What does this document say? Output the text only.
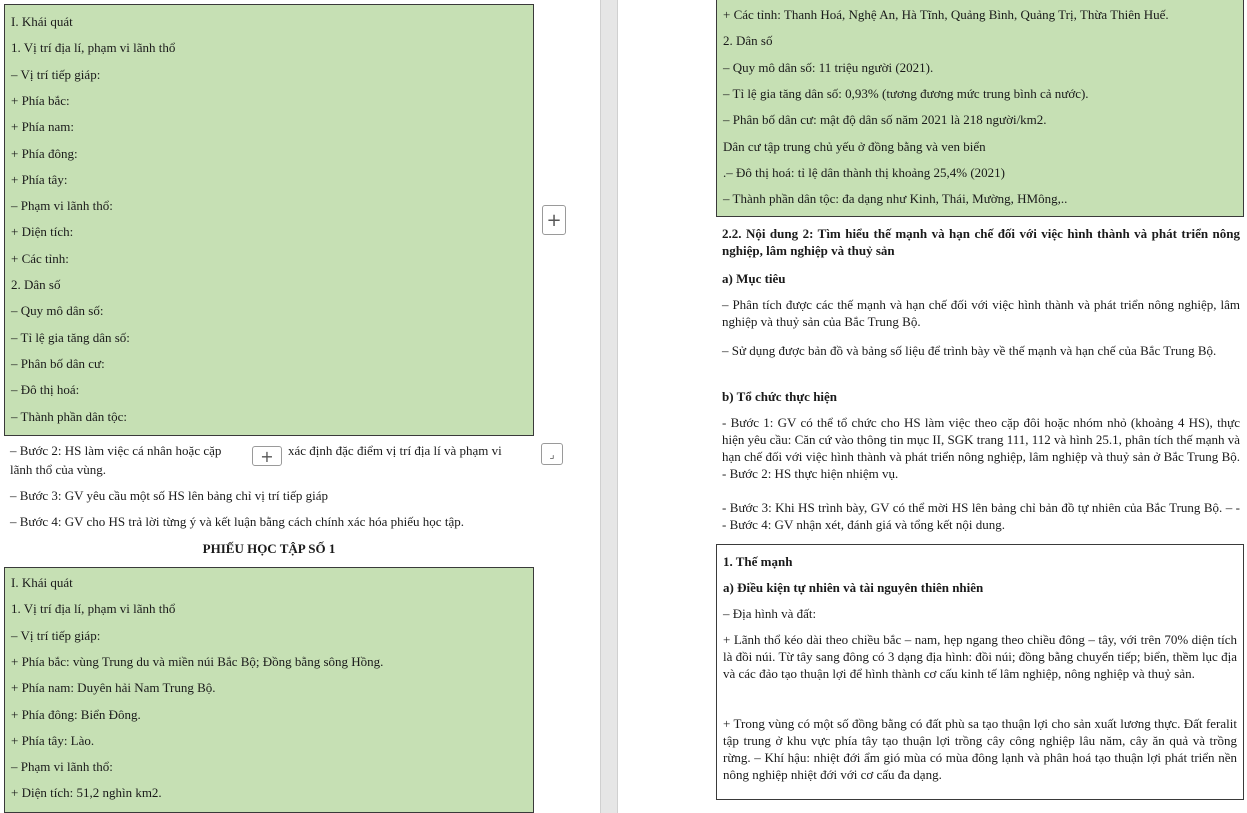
I. Khái quát
1. Vị trí địa lí, phạm vi lãnh thổ
– Vị trí tiếp giáp:
+ Phía bắc:
+ Phía nam:
+ Phía đông:
+ Phía tây:
– Phạm vi lãnh thổ:
+ Diện tích:
+ Các tỉnh:
2. Dân số
– Quy mô dân số:
– Tỉ lệ gia tăng dân số:
– Phân bố dân cư:
– Đô thị hoá:
– Thành phần dân tộc:
– Bước 2: HS làm việc cá nhân hoặc cặp	xác định đặc điểm vị trí địa lí và phạm vi
lãnh thổ của vùng.
– Bước 3: GV yêu cầu một số HS lên bảng chỉ vị trí tiếp giáp
– Bước 4: GV cho HS trả lời từng ý và kết luận bằng cách chính xác hóa phiếu học tập.
PHIẾU HỌC TẬP SỐ 1
I. Khái quát
1. Vị trí địa lí, phạm vi lãnh thổ
– Vị trí tiếp giáp:
+ Phía bắc: vùng Trung du và miền núi Bắc Bộ; Đồng bằng sông Hồng.
+ Phía nam: Duyên hải Nam Trung Bộ.
+ Phía đông: Biển Đông.
+ Phía tây: Lào.
– Phạm vi lãnh thổ:
+ Diện tích: 51,2 nghìn km2.
+
+	⌟
+ Các tỉnh: Thanh Hoá, Nghệ An, Hà Tĩnh, Quảng Bình, Quảng Trị, Thừa Thiên Huế.
2. Dân số
– Quy mô dân số: 11 triệu người (2021).
– Tỉ lệ gia tăng dân số: 0,93% (tương đương mức trung bình cả nước).
– Phân bố dân cư: mật độ dân số năm 2021 là 218 người/km2.
Dân cư tập trung chủ yếu ở đồng bằng và ven biển
.– Đô thị hoá: tỉ lệ dân thành thị khoảng 25,4% (2021)
– Thành phần dân tộc: đa dạng như Kinh, Thái, Mường, HMông,..
2.2. Nội dung 2: Tìm hiểu thế mạnh và hạn chế đối với việc hình thành và phát triển nông nghiệp, lâm nghiệp và thuỷ sản
a) Mục tiêu
– Phân tích được các thế mạnh và hạn chế đối với việc hình thành và phát triển nông nghiệp, lâm nghiệp và thuỷ sản của Bắc Trung Bộ.
– Sử dụng được bản đồ và bảng số liệu để trình bày về thế mạnh và hạn chế của Bắc Trung Bộ.
b) Tổ chức thực hiện
- Bước 1: GV có thể tổ chức cho HS làm việc theo cặp đôi hoặc nhóm nhỏ (khoảng 4 HS), thực hiện yêu cầu: Căn cứ vào thông tin mục II, SGK trang 111, 112 và hình 25.1, phân tích thế mạnh và hạn chế đối với việc hình thành và phát triển nông nghiệp, lâm nghiệp và thuỷ sản ở Bắc Trung Bộ. - Bước 2: HS thực hiện nhiệm vụ.
- Bước 3: Khi HS trình bày, GV có thể mời HS lên bảng chỉ bản đồ tự nhiên của Bắc Trung Bộ. – - - Bước 4: GV nhận xét, đánh giá và tổng kết nội dung.
1. Thế mạnh
a) Điều kiện tự nhiên và tài nguyên thiên nhiên
– Địa hình và đất:
+ Lãnh thổ kéo dài theo chiều bắc – nam, hẹp ngang theo chiều đông – tây, với trên 70% diện tích là đồi núi. Từ tây sang đông có 3 dạng địa hình: đồi núi; đồng bằng chuyển tiếp; biển, thềm lục địa và các đảo tạo thuận lợi để hình thành cơ cấu kinh tế lâm nghiệp, nông nghiệp và thuỷ sản.
+ Trong vùng có một số đồng bằng có đất phù sa tạo thuận lợi cho sản xuất lương thực. Đất feralit tập trung ở khu vực phía tây tạo thuận lợi trồng cây công nghiệp lâu năm, cây ăn quả và trồng rừng. – Khí hậu: nhiệt đới ẩm gió mùa có mùa đông lạnh và phân hoá tạo thuận lợi phát triển nền nông nghiệp nhiệt đới với cơ cấu đa dạng.
